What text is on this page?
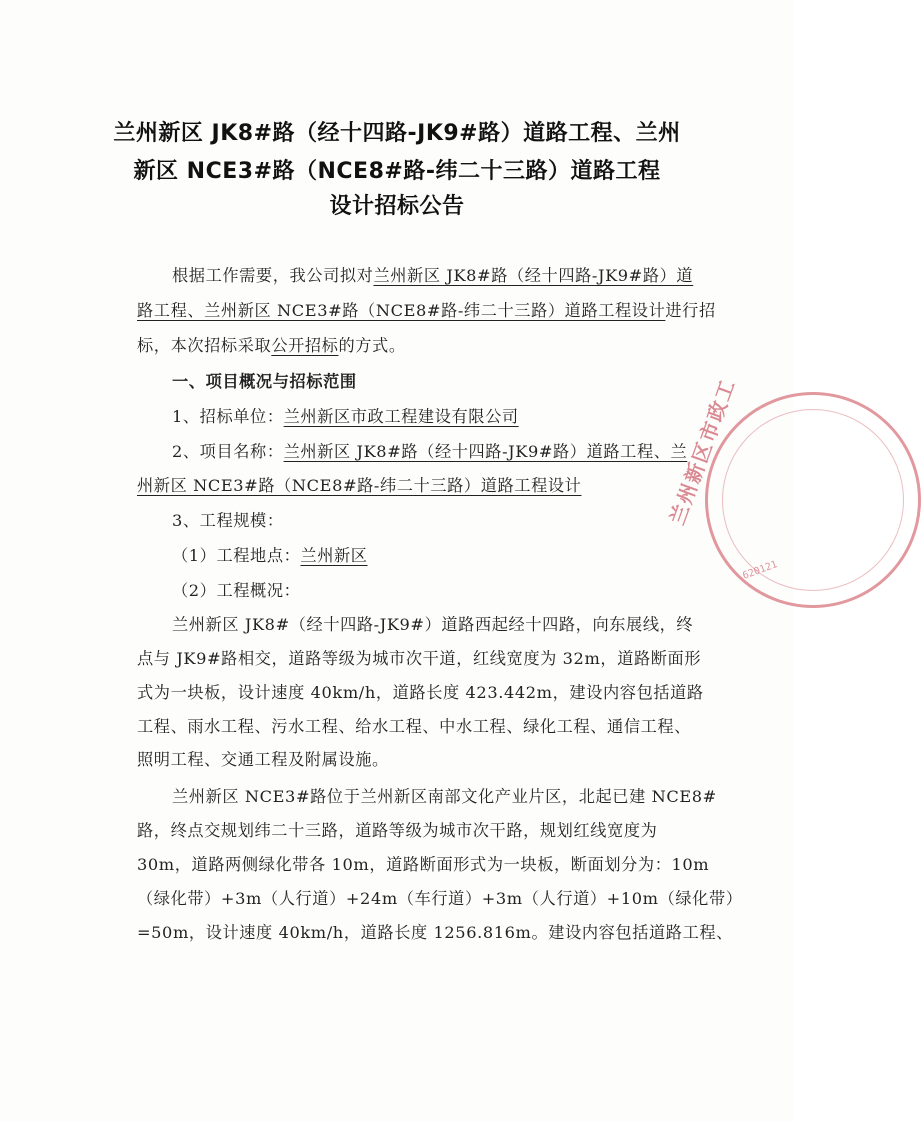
兰州新区 JK8#路（经十四路-JK9#路）道路工程、兰州
新区 NCE3#路（NCE8#路-纬二十三路）道路工程
设计招标公告
根据工作需要，我公司拟对兰州新区 JK8#路（经十四路-JK9#路）道
路工程、兰州新区 NCE3#路（NCE8#路-纬二十三路）道路工程设计进行招
标，本次招标采取公开招标的方式。
一、项目概况与招标范围
1、招标单位：兰州新区市政工程建设有限公司
2、项目名称：兰州新区 JK8#路（经十四路-JK9#路）道路工程、兰
州新区 NCE3#路（NCE8#路-纬二十三路）道路工程设计
3、工程规模：
（1）工程地点：兰州新区
（2）工程概况：
兰州新区 JK8#（经十四路-JK9#）道路西起经十四路，向东展线，终
点与 JK9#路相交，道路等级为城市次干道，红线宽度为 32m，道路断面形
式为一块板，设计速度 40km/h，道路长度 423.442m，建设内容包括道路
工程、雨水工程、污水工程、给水工程、中水工程、绿化工程、通信工程、
照明工程、交通工程及附属设施。
兰州新区 NCE3#路位于兰州新区南部文化产业片区，北起已建 NCE8#
路，终点交规划纬二十三路，道路等级为城市次干路，规划红线宽度为
30m，道路两侧绿化带各 10m，道路断面形式为一块板，断面划分为：10m
（绿化带）+3m（人行道）+24m（车行道）+3m（人行道）+10m（绿化带）
=50m，设计速度 40km/h，道路长度 1256.816m。建设内容包括道路工程、
兰州新区市政工
620121
